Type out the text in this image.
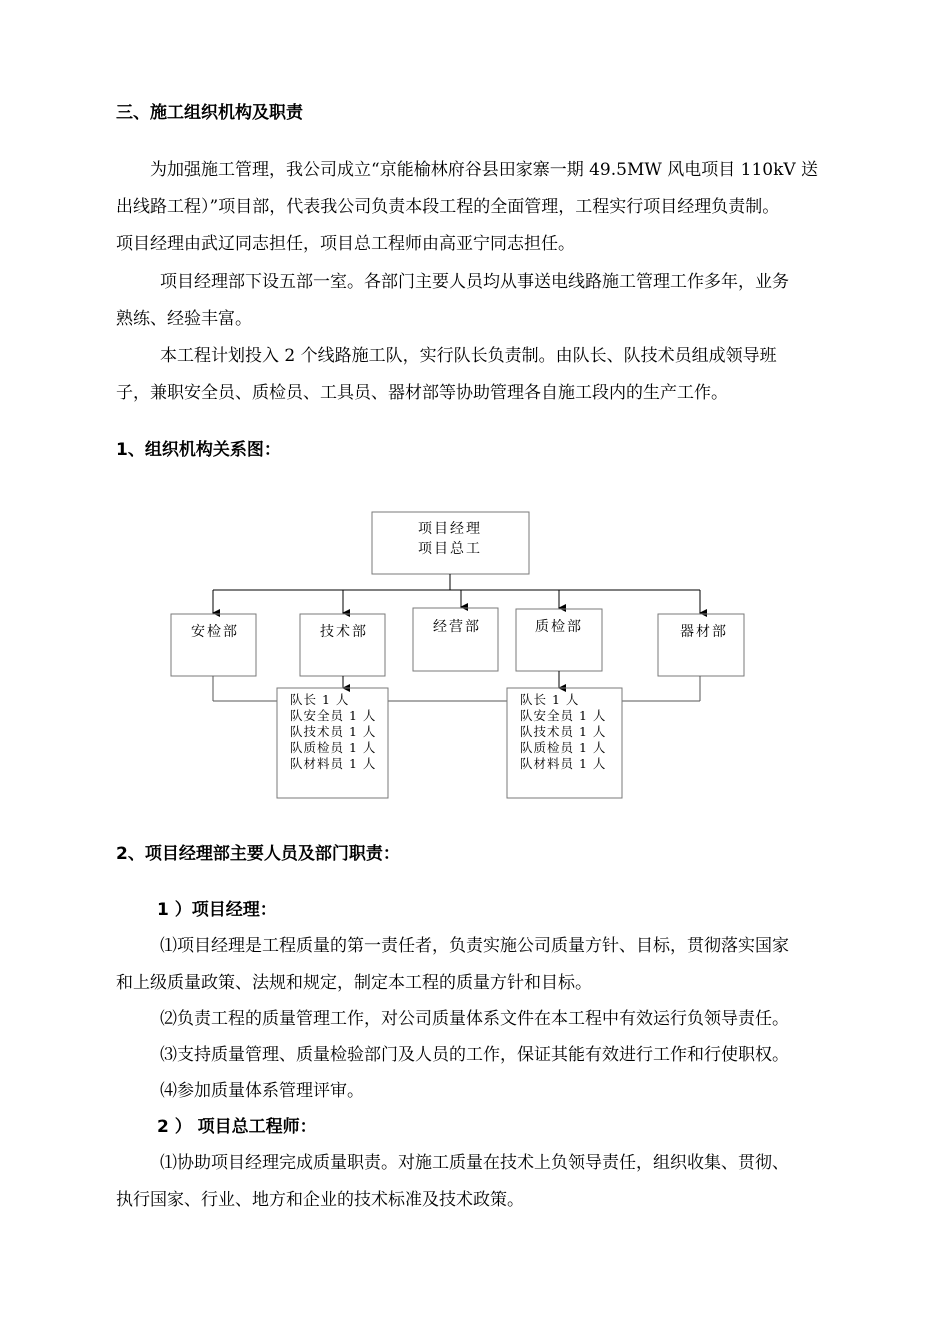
三、施工组织机构及职责
为加强施工管理，我公司成立“京能榆林府谷县田家寨一期 49.5MW 风电项目 110kV 送
出线路工程）”项目部，代表我公司负责本段工程的全面管理，工程实行项目经理负责制。
项目经理由武辽同志担任，项目总工程师由高亚宁同志担任。
项目经理部下设五部一室。各部门主要人员均从事送电线路施工管理工作多年，业务
熟练、经验丰富。
本工程计划投入 2 个线路施工队，实行队长负责制。由队长、队技术员组成领导班
子，兼职安全员、质检员、工具员、器材部等协助管理各自施工段内的生产工作。
1、组织机构关系图：
项目经理
项目总工
安检部	技术部	经营部	质检部	器材部
队长 1 人
队安全员 1 人
队技术员 1 人
队质检员 1 人
队材料员 1 人
队长 1 人
队安全员 1 人
队技术员 1 人
队质检员 1 人
队材料员 1 人
2、项目经理部主要人员及部门职责：
1 ）项目经理：
⑴项目经理是工程质量的第一责任者，负责实施公司质量方针、目标，贯彻落实国家
和上级质量政策、法规和规定，制定本工程的质量方针和目标。
⑵负责工程的质量管理工作，对公司质量体系文件在本工程中有效运行负领导责任。
⑶支持质量管理、质量检验部门及人员的工作，保证其能有效进行工作和行使职权。
⑷参加质量体系管理评审。
2 ） 项目总工程师：
⑴协助项目经理完成质量职责。对施工质量在技术上负领导责任，组织收集、贯彻、
执行国家、行业、地方和企业的技术标准及技术政策。
